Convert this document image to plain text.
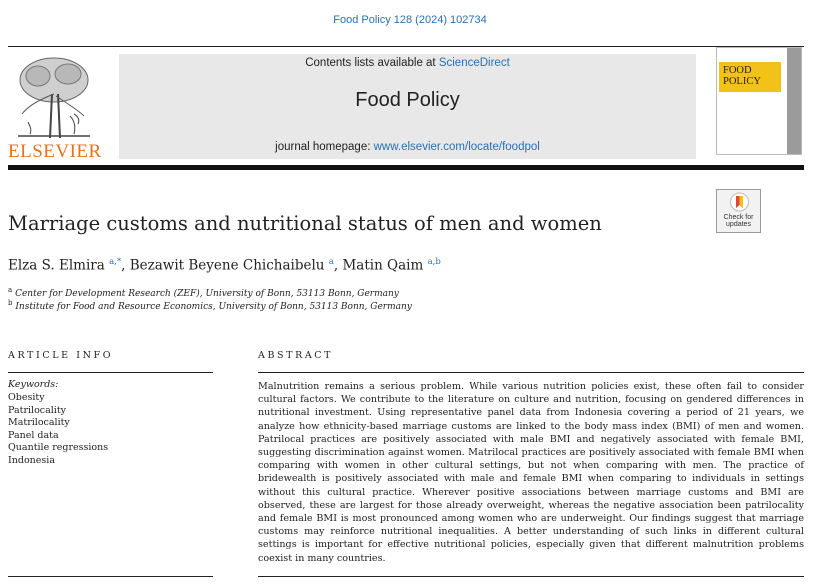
Food Policy 128 (2024) 102734
ELSEVIER
Contents lists available at ScienceDirect
Food Policy
journal homepage: www.elsevier.com/locate/foodpol
FOOD
POLICY
Marriage customs and nutritional status of men and women	Check for
updates
Elza S. Elmira $^{a,*}$, Bezawit Beyene Chichaibelu $^a$, Matin Qaim $^{a,b}$
$^a$ Center for Development Research (ZEF), University of Bonn, 53113 Bonn, Germany
$^b$ Institute for Food and Resource Economics, University of Bonn, 53113 Bonn, Germany
ARTICLE INFO	ABSTRACT
Keywords:
Obesity
Patrilocality
Matrilocality
Panel data
Quantile regressions
Indonesia

Malnutrition remains a serious problem. While various nutrition policies exist, these often fail to consider cultural factors. We contribute to the literature on culture and nutrition, focusing on gendered differences in nutritional investment. Using representative panel data from Indonesia covering a period of 21 years, we analyze how ethnicity-based marriage customs are linked to the body mass index (BMI) of men and women. Patrilocal practices are positively associated with male BMI and negatively associated with female BMI, suggesting discrimination against women. Matrilocal practices are positively associated with female BMI when comparing with women in other cultural settings, but not when comparing with men. The practice of bridewealth is positively associated with male and female BMI when comparing to individuals in settings without this cultural practice. Wherever positive associations between marriage customs and BMI are observed, these are largest for those already overweight, whereas the negative association been patrilocality and female BMI is most pronounced among women who are underweight. Our findings suggest that marriage customs may reinforce nutritional inequalities. A better understanding of such links in different cultural settings is important for effective nutritional policies, especially given that different malnutrition problems coexist in many countries.
